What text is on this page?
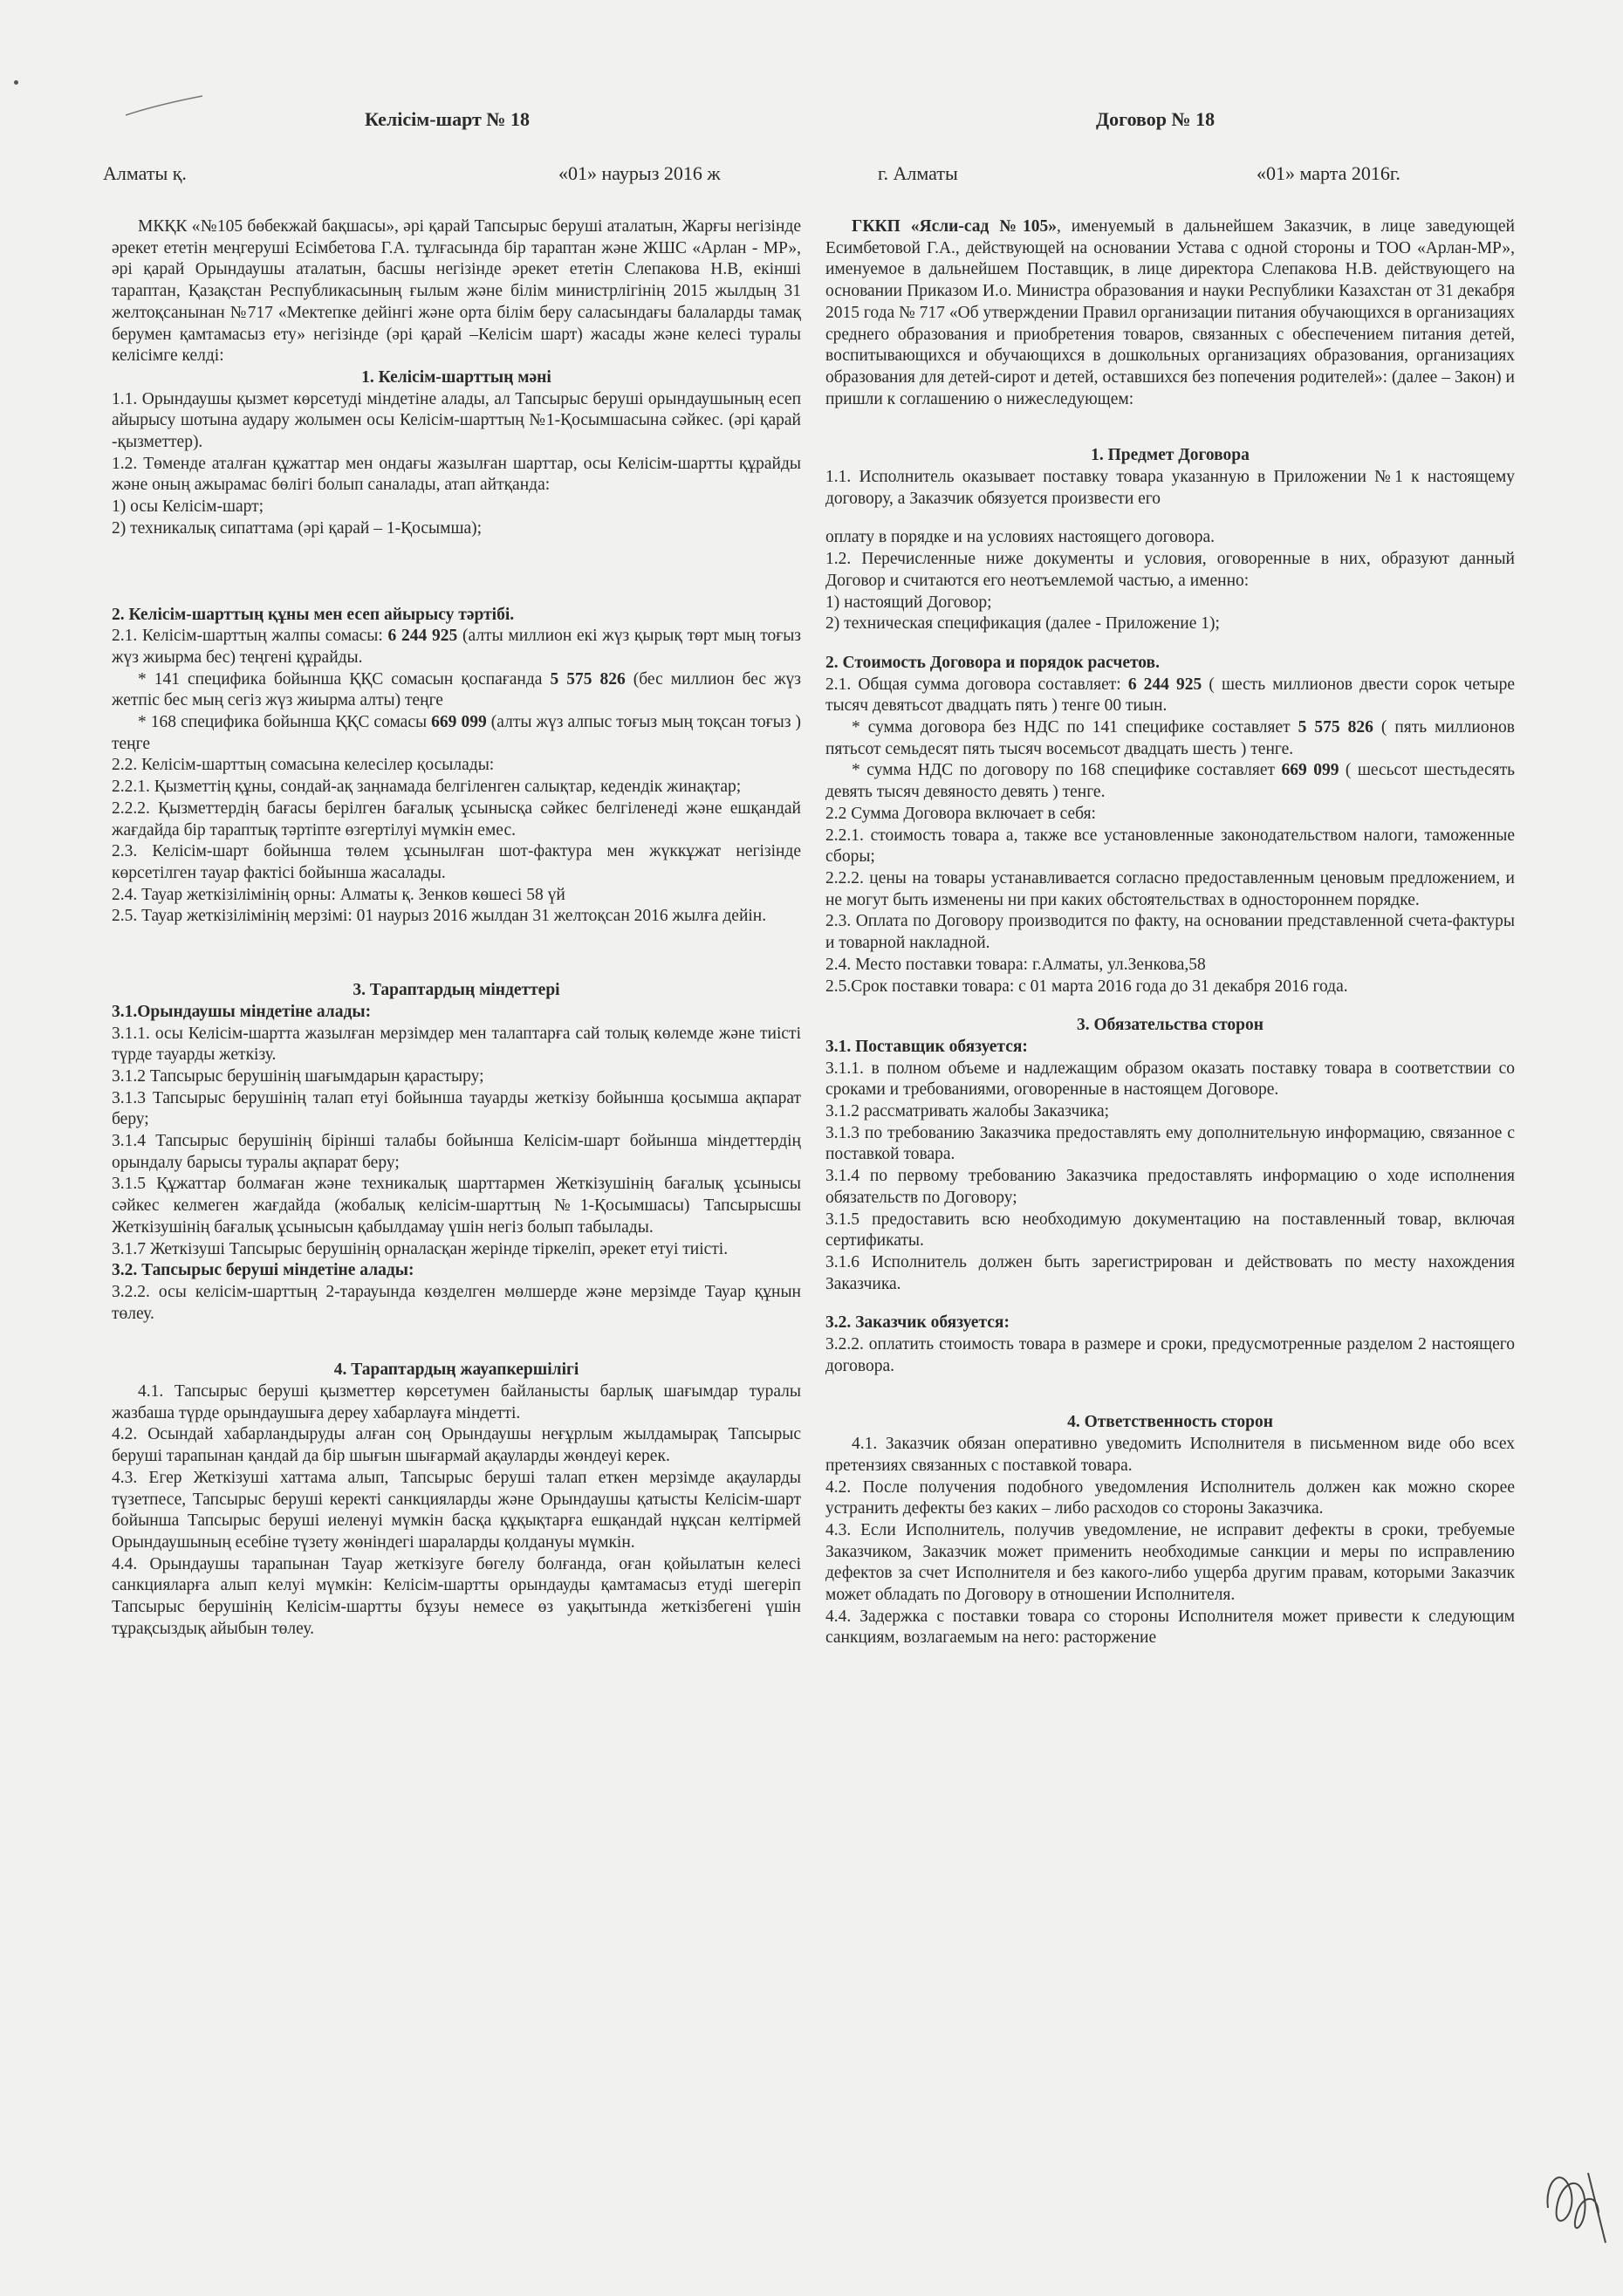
Келісім-шарт № 18	Договор № 18
Алматы қ.	«01» наурыз 2016 ж	г. Алматы	«01» марта 2016г.

МКҚК «№105 бөбекжай бақшасы», әрі қарай Тапсырыс беруші аталатын, Жарғы негізінде әрекет ететін меңгеруші Есімбетова Г.А. тұлғасында бір тараптан және ЖШС «Арлан - МР», әрі қарай Орындаушы аталатын, басшы негізінде әрекет ететін Слепакова Н.В, екінші тараптан, Қазақстан Республикасының ғылым және білім министрлігінің 2015 жылдың 31 желтоқсанынан №717 «Мектепке дейінгі және орта білім беру саласындағы балаларды тамақ берумен қамтамасыз ету» негізінде (әрі қарай –Келісім шарт) жасады және келесі туралы келісімге келді:

1. Келісім-шарттың мәні

1.1. Орындаушы қызмет көрсетуді міндетіне алады, ал Тапсырыс беруші орындаушының есеп айырысу шотына аудару жолымен осы Келісім-шарттың №1-Қосымшасына сәйкес. (әрі қарай -қызметтер).

1.2. Төменде аталған құжаттар мен ондағы жазылған шарттар, осы Келісім-шартты құрайды және оның ажырамас бөлігі болып саналады, атап айтқанда:

1) осы Келісім-шарт;

2) техникалық сипаттама (әрі қарай – 1-Қосымша);

2. Келісім-шарттың құны мен есеп айырысу тәртібі.

2.1. Келісім-шарттың жалпы сомасы: 6 244 925 (алты миллион екі жүз қырық төрт мың тоғыз жүз жиырма бес) теңгені құрайды.

* 141 спецификa бойынша ҚҚС сомасын қоспағанда 5 575 826 (бес миллион бес жүз жетпіс бес мың сегіз жүз жиырма алты) теңге

* 168 спецификa бойынша ҚҚС сомасы 669 099 (алты жүз алпыс тоғыз мың тоқсан тоғыз ) теңге

2.2. Келісім-шарттың сомасына келесілер қосылады:

2.2.1. Қызметтің құны, сондай-ақ заңнамада белгіленген салықтар, кедендік жинақтар;

2.2.2. Қызметтердің бағасы берілген бағалық ұсынысқа сәйкес белгіленеді және ешқандай жағдайда бір тараптық тәртіпте өзгертілуі мүмкін емес.

2.3. Келісім-шарт бойынша төлем ұсынылған шот-фактура мен жүккұжат негізінде көрсетілген тауар фактісі бойынша жасалады.

2.4. Тауар жеткізілімінің орны: Алматы қ. Зенков көшесі 58 үй

2.5. Тауар жеткізілімінің мерзімі: 01 наурыз 2016 жылдан 31 желтоқсан 2016 жылға дейін.

3. Тараптардың міндеттері

3.1.Орындаушы міндетіне алады:

3.1.1. осы Келісім-шартта жазылған мерзімдер мен талаптарға сай толық көлемде және тиісті түрде тауарды жеткізу.

3.1.2 Тапсырыс берушінің шағымдарын қарастыру;

3.1.3 Тапсырыс берушінің талап етуі бойынша тауарды жеткізу бойынша қосымша ақпарат беру;

3.1.4 Тапсырыс берушінің бірінші талабы бойынша Келісім-шарт бойынша міндеттердің орындалу барысы туралы ақпарат беру;

3.1.5 Құжаттар болмаған және техникалық шарттармен Жеткізушінің бағалық ұсынысы сәйкес келмеген жағдайда (жобалық келісім-шарттың №1-Қосымшасы) Тапсырысшы Жеткізушінің бағалық ұсынысын қабылдамау үшін негіз болып табылады.

3.1.7 Жеткізуші Тапсырыс берушінің орналасқан жерінде тіркеліп, әрекет етуі тиісті.

3.2. Тапсырыс беруші міндетіне алады:

3.2.2. осы келісім-шарттың 2-тарауында көзделген мөлшерде және мерзімде Тауар құнын төлеу.

4. Тараптардың жауапкершілігі

4.1. Тапсырыс беруші қызметтер көрсетумен байланысты барлық шағымдар туралы жазбаша түрде орындаушыға дереу хабарлауға міндетті.

4.2. Осындай хабарландыруды алған соң Орындаушы неғұрлым жылдамырақ Тапсырыс беруші тарапынан қандай да бір шығын шығармай ақауларды жөндеуі керек.

4.3. Егер Жеткізуші хаттама алып, Тапсырыс беруші талап еткен мерзімде ақауларды түзетпесе, Тапсырыс беруші керекті санкцияларды және Орындаушы қатысты Келісім-шарт бойынша Тапсырыс беруші иеленуі мүмкін басқа құқықтарға ешқандай нұқсан келтірмей Орындаушының есебіне түзету жөніндегі шараларды қолдануы мүмкін.

4.4. Орындаушы тарапынан Тауар жеткізуге бөгелу болғанда, оған қойылатын келесі санкцияларға алып келуі мүмкін: Келісім-шартты орындауды қамтамасыз етуді шегеріп Тапсырыс берушінің Келісім-шартты бұзуы немесе өз уақытында жеткізбегені үшін тұрақсыздық айыбын төлеу.

ГККП «Ясли-сад №105», именуемый в дальнейшем Заказчик, в лице заведующей Есимбетовой Г.А., действующей на основании Устава с одной стороны и ТОО «Арлан-МР», именуемое в дальнейшем Поставщик, в лице директора Слепакова Н.В. действующего на основании Приказом И.о. Министра образования и науки Республики Казахстан от 31 декабря 2015 года № 717 «Об утверждении Правил организации питания обучающихся в организациях среднего образования и приобретения товаров, связанных с обеспечением питания детей, воспитывающихся и обучающихся в дошкольных организациях образования, организациях образования для детей-сирот и детей, оставшихся без попечения родителей»: (далее – Закон) и пришли к соглашению о нижеследующем:

1. Предмет Договора

1.1. Исполнитель оказывает поставку товара указанную в Приложении №1 к настоящему договору, а Заказчик обязуется произвести его

оплату в порядке и на условиях настоящего договора.

1.2. Перечисленные ниже документы и условия, оговоренные в них, образуют данный Договор и считаются его неотъемлемой частью, а именно:

1) настоящий Договор;

2) техническая спецификация (далее - Приложение 1);

2. Стоимость Договора и порядок расчетов.

2.1. Общая сумма договора составляет: 6 244 925 ( шесть миллионов двести сорок четыре тысяч девятьсот двадцать пять ) тенге 00 тиын.

* сумма договора без НДС по 141 спецификe составляет 5 575 826 ( пять миллионов пятьсот семьдесят пять тысяч восемьсот двадцать шесть ) тенге.

* сумма НДС по договору по 168 спецификe составляет 669 099 ( шесьсот шестьдесять девять тысяч девяносто девять ) тенге.

2.2 Сумма Договора включает в себя:

2.2.1. стоимость товара а, также все установленные законодательством налоги, таможенные сборы;

2.2.2. цены на товары устанавливается согласно предоставленным ценовым предложением, и не могут быть изменены ни при каких обстоятельствах в одностороннем порядке.

2.3. Оплата по Договору производится по факту, на основании представленной счета-фактуры и товарной накладной.

2.4. Место поставки товара: г.Алматы, ул.Зенкова,58

2.5.Срок поставки товара: с 01 марта 2016 года до 31 декабря 2016 года.

3. Обязательства сторон

3.1. Поставщик обязуется:

3.1.1. в полном объеме и надлежащим образом оказать поставку товара в соответствии со сроками и требованиями, оговоренные в настоящем Договоре.

3.1.2 рассматривать жалобы Заказчика;

3.1.3 по требованию Заказчика предоставлять ему дополнительную информацию, связанное с поставкой товара.

3.1.4 по первому требованию Заказчика предоставлять информацию о ходе исполнения обязательств по Договору;

3.1.5 предоставить всю необходимую документацию на поставленный товар, включая сертификаты.

3.1.6 Исполнитель должен быть зарегистрирован и действовать по месту нахождения Заказчика.

3.2. Заказчик обязуется:

3.2.2. оплатить стоимость товара в размере и сроки, предусмотренные разделом 2 настоящего договора.

4. Ответственность сторон

4.1. Заказчик обязан оперативно уведомить Исполнителя в письменном виде обо всех претензиях связанных с поставкой товара.

4.2. После получения подобного уведомления Исполнитель должен как можно скорее устранить дефекты без каких – либо расходов со стороны Заказчика.

4.3. Если Исполнитель, получив уведомление, не исправит дефекты в сроки, требуемые Заказчиком, Заказчик может применить необходимые санкции и меры по исправлению дефектов за счет Исполнителя и без какого-либо ущерба другим правам, которыми Заказчик может обладать по Договору в отношении Исполнителя.

4.4. Задержка с поставки товара со стороны Исполнителя может привести к следующим санкциям, возлагаемым на него: расторжение
